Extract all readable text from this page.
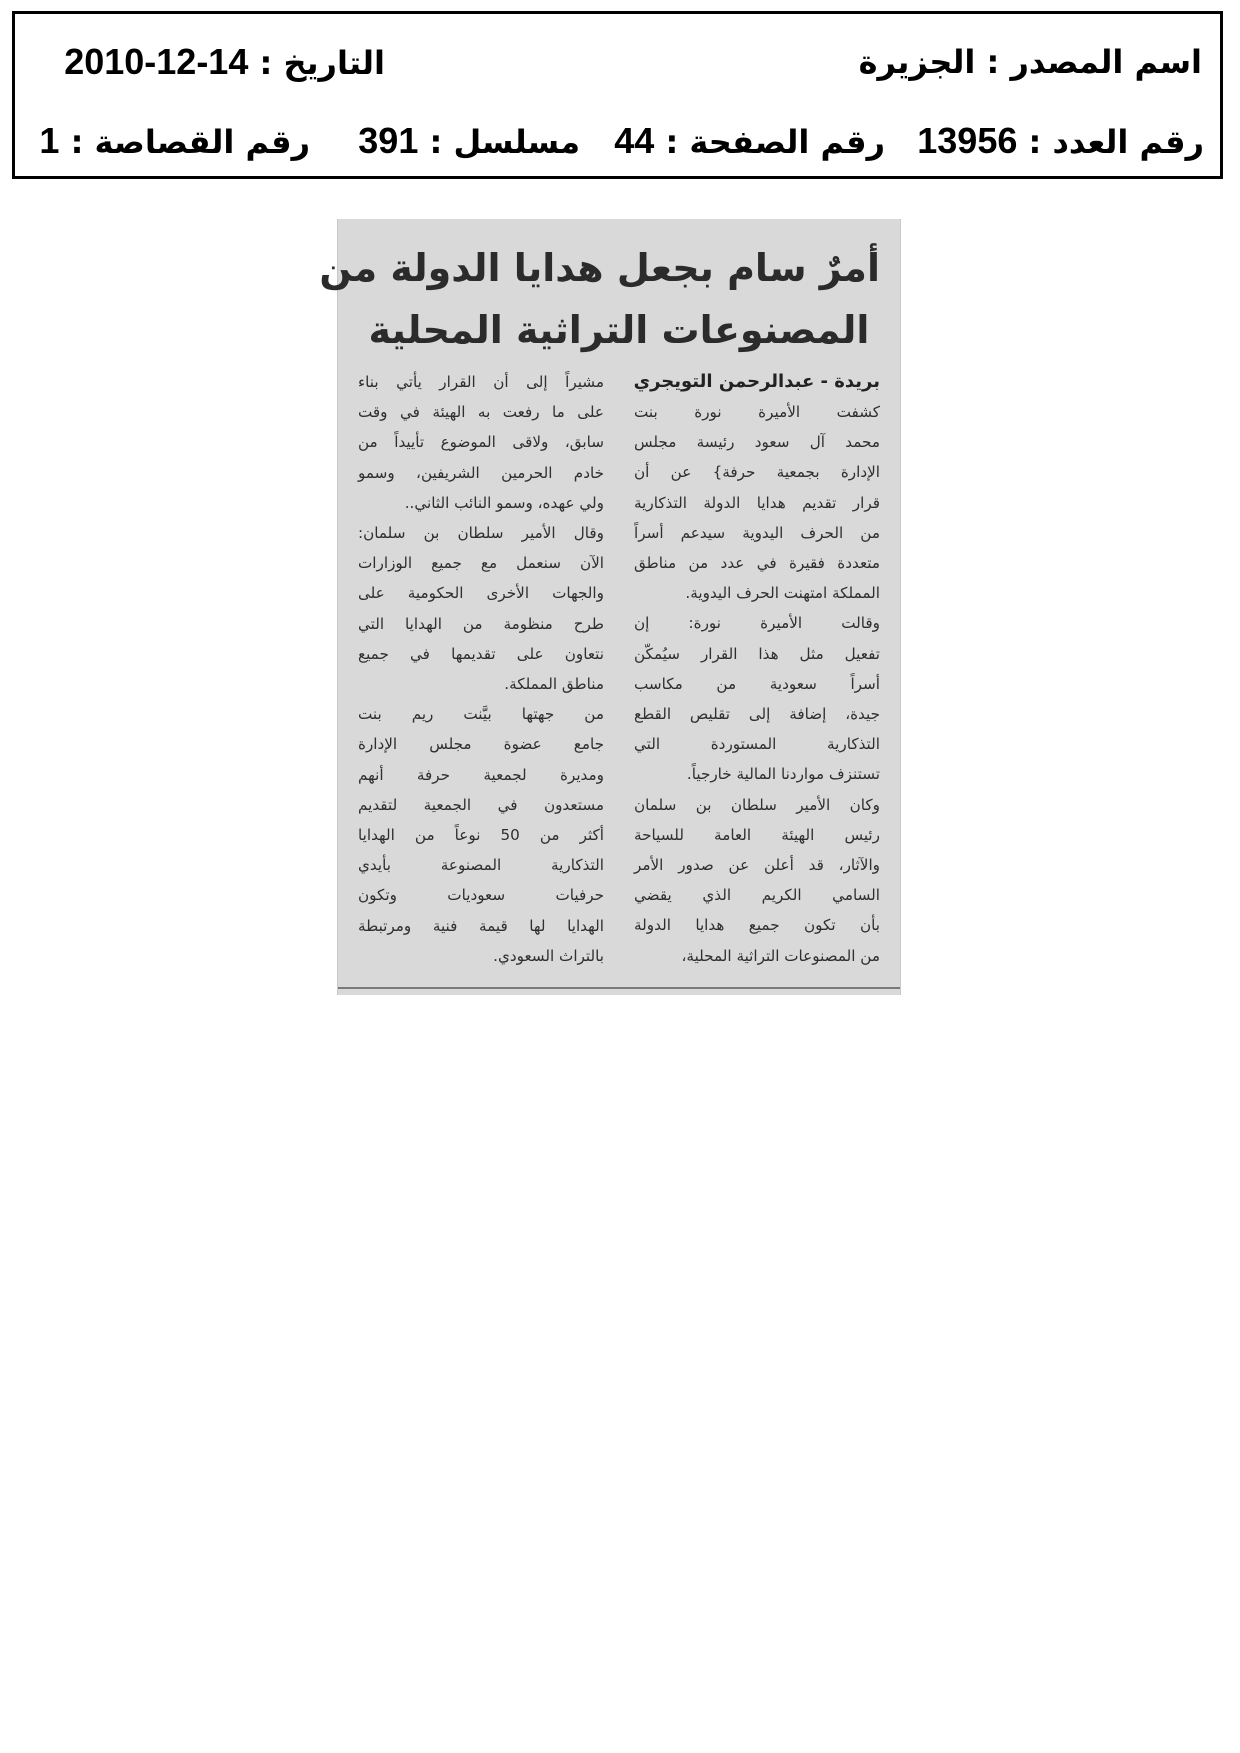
اسم المصدر : الجزيرة
التاريخ : 2010-12-14
رقم العدد : 13956
رقم الصفحة : 44
مسلسل : 391
رقم القصاصة : 1
أمرٌ سام بجعل هدايا الدولة من
المصنوعات التراثية المحلية
بريدة - عبدالرحمن التويجري
كشفت الأميرة نورة بنت
محمد آل سعود رئيسة مجلس
الإدارة بجمعية حرفة} عن أن
قرار تقديم هدايا الدولة التذكارية
من الحرف اليدوية سيدعم أسراً
متعددة فقيرة في عدد من مناطق
المملكة امتهنت الحرف اليدوية.
وقالت الأميرة نورة: إن
تفعيل مثل هذا القرار سيُمكّن
أسراً سعودية من مكاسب
جيدة، إضافة إلى تقليص القطع
التذكارية المستوردة التي
تستنزف مواردنا المالية خارجياً.
وكان الأمير سلطان بن سلمان
رئيس الهيئة العامة للسياحة
والآثار، قد أعلن عن صدور الأمر
السامي الكريم الذي يقضي
بأن تكون جميع هدايا الدولة
من المصنوعات التراثية المحلية،
مشيراً إلى أن القرار يأتي بناء
على ما رفعت به الهيئة في وقت
سابق، ولاقى الموضوع تأييداً من
خادم الحرمين الشريفين، وسمو
ولي عهده، وسمو النائب الثاني..
وقال الأمير سلطان بن سلمان:
الآن سنعمل مع جميع الوزارات
والجهات الأخرى الحكومية على
طرح منظومة من الهدايا التي
نتعاون على تقديمها في جميع
مناطق المملكة.
من جهتها بيَّنت ريم بنت
جامع عضوة مجلس الإدارة
ومديرة لجمعية حرفة أنهم
مستعدون في الجمعية لتقديم
أكثر من 50 نوعاً من الهدايا
التذكارية المصنوعة بأيدي
حرفيات سعوديات وتكون
الهدايا لها قيمة فنية ومرتبطة
بالتراث السعودي.
